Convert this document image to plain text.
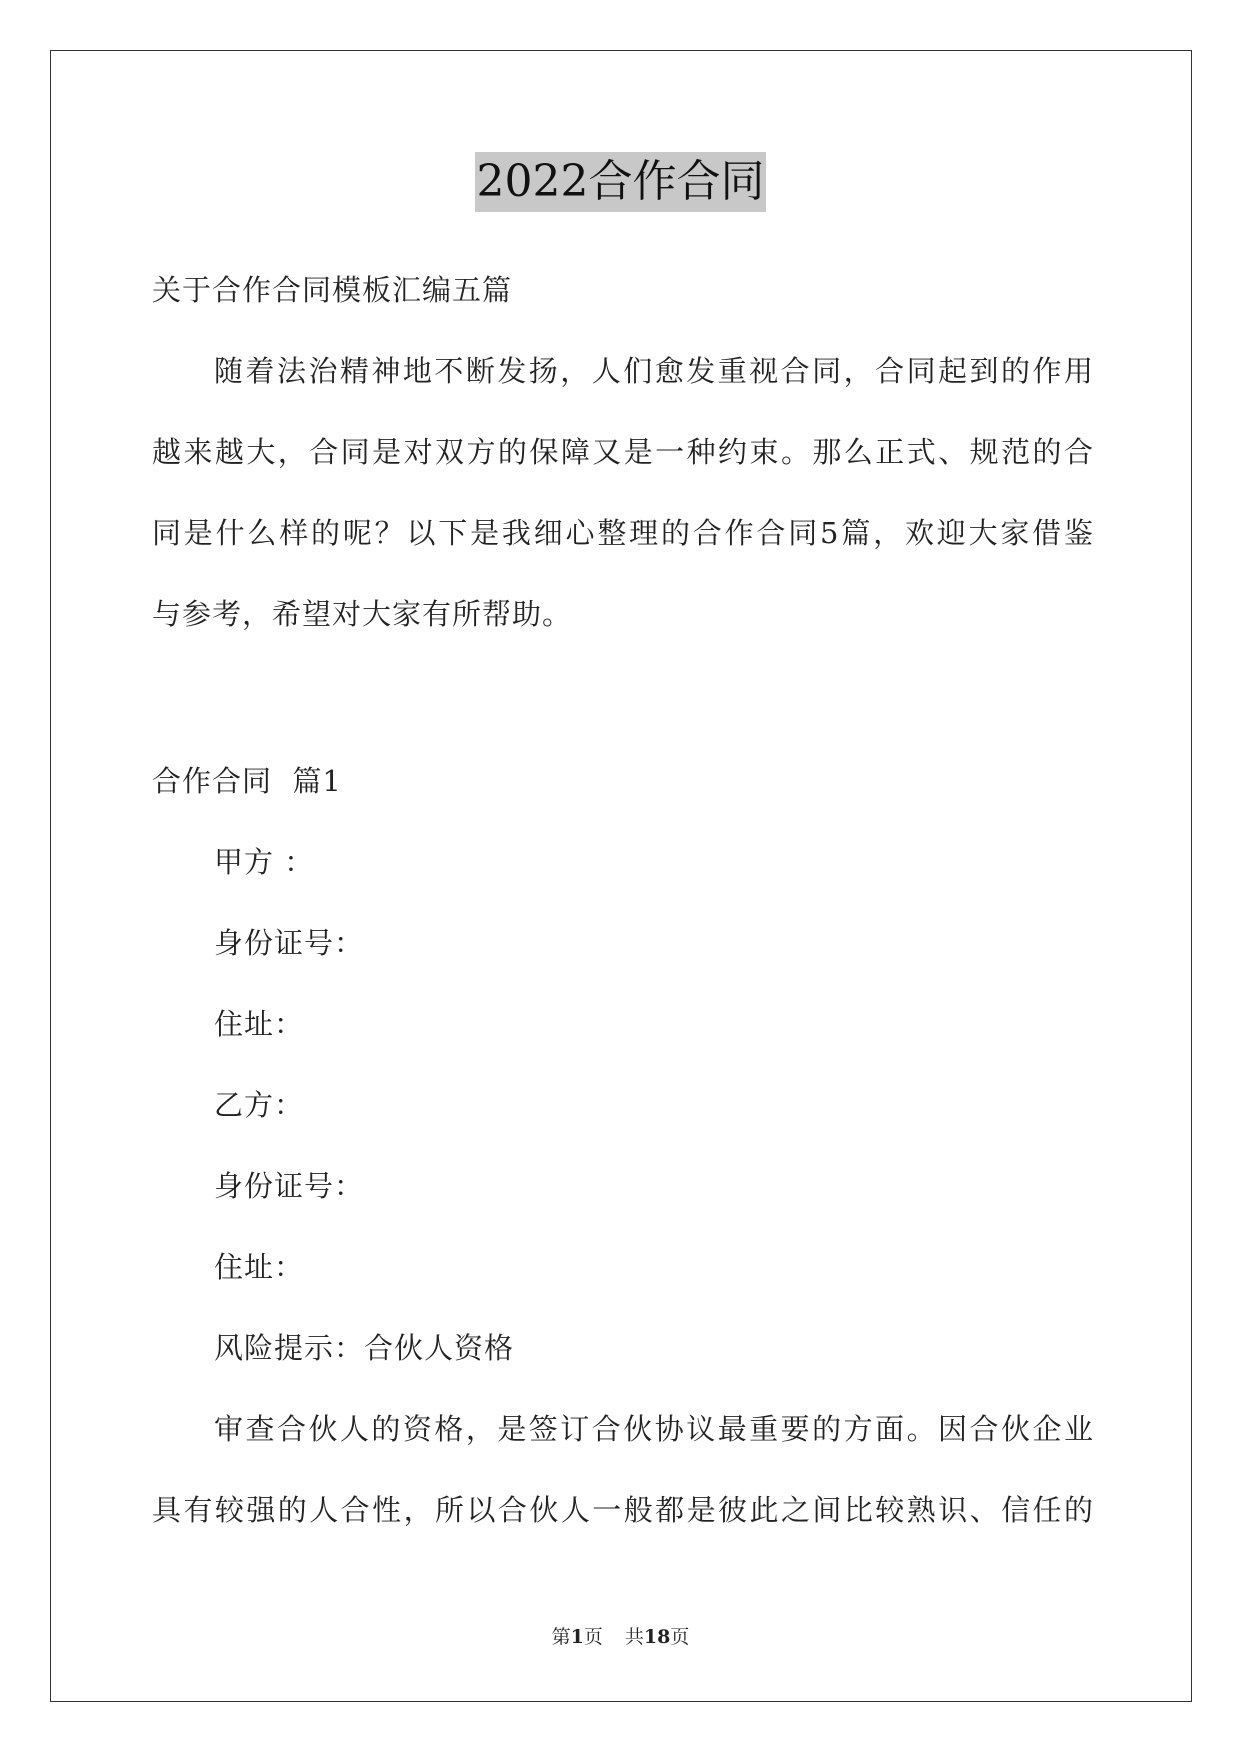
2022合作合同
关于合作合同模板汇编五篇
随着法治精神地不断发扬，人们愈发重视合同，合同起到的作用
越来越大，合同是对双方的保障又是一种约束。那么正式、规范的合
同是什么样的呢？以下是我细心整理的合作合同5篇，欢迎大家借鉴
与参考，希望对大家有所帮助。
合作合同  篇1
甲方 ：
身份证号：
住址：
乙方：
身份证号：
住址：
风险提示：合伙人资格
审查合伙人的资格，是签订合伙协议最重要的方面。因合伙企业
具有较强的人合性，所以合伙人一般都是彼此之间比较熟识、信任的
第1页 共18页
